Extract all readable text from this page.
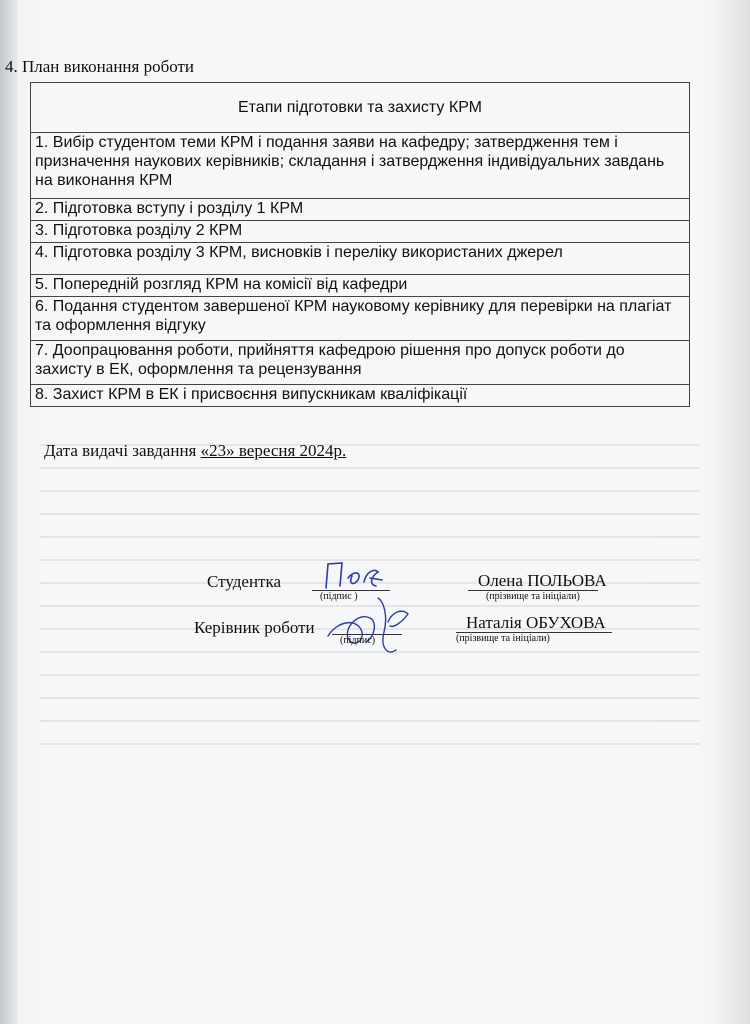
4. План виконання роботи
Етапи підготовки та захисту КРМ
1. Вибір студентом теми КРМ і подання заяви на кафедру; затвердження тем і призначення наукових керівників; складання і затвердження індивідуальних завдань на виконання КРМ
2. Підготовка вступу і розділу 1 КРМ
3. Підготовка розділу 2 КРМ
4. Підготовка розділу 3 КРМ, висновків і переліку використаних джерел
5. Попередній розгляд КРМ на комісії від кафедри
6. Подання студентом завершеної КРМ науковому керівнику для перевірки на плагіат та оформлення відгуку
7. Доопрацювання роботи, прийняття кафедрою рішення про допуск роботи до захисту в ЕК, оформлення та рецензування
8. Захист КРМ в ЕК і присвоєння випускникам кваліфікації
Дата видачі завдання «23» вересня 2024р.
Студентка
(підпис )
Олена ПОЛЬОВА
(прізвище та ініціали)
Керівник роботи
(підпис)
Наталія ОБУХОВА
(прізвище та ініціали)
